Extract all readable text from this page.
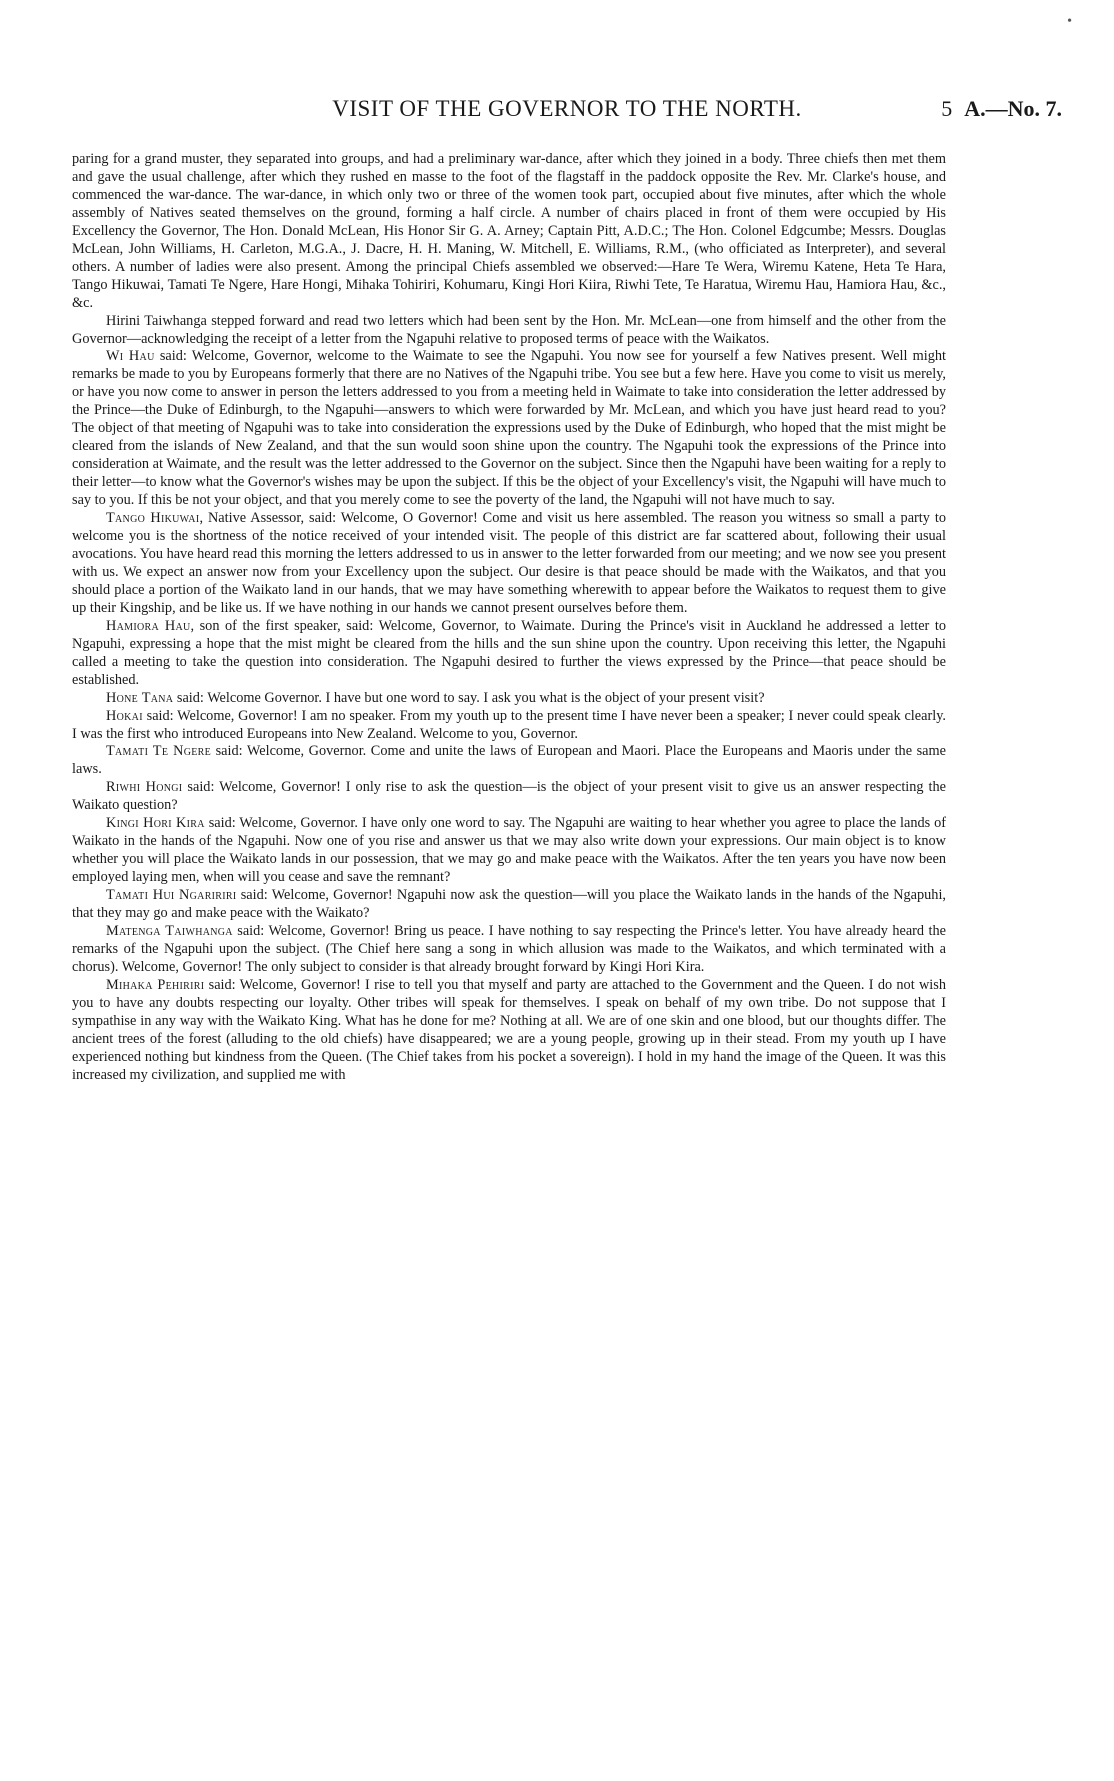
•
VISIT OF THE GOVERNOR TO THE NORTH.	5 A.—No. 7.

paring for a grand muster, they separated into groups, and had a preliminary war-dance, after which they joined in a body. Three chiefs then met them and gave the usual challenge, after which they rushed en masse to the foot of the flagstaff in the paddock opposite the Rev. Mr. Clarke's house, and commenced the war-dance. The war-dance, in which only two or three of the women took part, occupied about five minutes, after which the whole assembly of Natives seated themselves on the ground, forming a half circle. A number of chairs placed in front of them were occupied by His Excellency the Governor, The Hon. Donald McLean, His Honor Sir G. A. Arney; Captain Pitt, A.D.C.; The Hon. Colonel Edgcumbe; Messrs. Douglas McLean, John Williams, H. Carleton, M.G.A., J. Dacre, H. H. Maning, W. Mitchell, E. Williams, R.M., (who officiated as Interpreter), and several others. A number of ladies were also present. Among the principal Chiefs assembled we observed:—Hare Te Wera, Wiremu Katene, Heta Te Hara, Tango Hikuwai, Tamati Te Ngere, Hare Hongi, Mihaka Tohiriri, Kohumaru, Kingi Hori Kiira, Riwhi Tete, Te Haratua, Wiremu Hau, Hamiora Hau, &c., &c.

Hirini Taiwhanga stepped forward and read two letters which had been sent by the Hon. Mr. McLean—one from himself and the other from the Governor—acknowledging the receipt of a letter from the Ngapuhi relative to proposed terms of peace with the Waikatos.

Wi Hau said: Welcome, Governor, welcome to the Waimate to see the Ngapuhi. You now see for yourself a few Natives present. Well might remarks be made to you by Europeans formerly that there are no Natives of the Ngapuhi tribe. You see but a few here. Have you come to visit us merely, or have you now come to answer in person the letters addressed to you from a meeting held in Waimate to take into consideration the letter addressed by the Prince—the Duke of Edinburgh, to the Ngapuhi—answers to which were forwarded by Mr. McLean, and which you have just heard read to you? The object of that meeting of Ngapuhi was to take into consideration the expressions used by the Duke of Edinburgh, who hoped that the mist might be cleared from the islands of New Zealand, and that the sun would soon shine upon the country. The Ngapuhi took the expressions of the Prince into consideration at Waimate, and the result was the letter addressed to the Governor on the subject. Since then the Ngapuhi have been waiting for a reply to their letter—to know what the Governor's wishes may be upon the subject. If this be the object of your Excellency's visit, the Ngapuhi will have much to say to you. If this be not your object, and that you merely come to see the poverty of the land, the Ngapuhi will not have much to say.

Tango Hikuwai, Native Assessor, said: Welcome, O Governor! Come and visit us here assembled. The reason you witness so small a party to welcome you is the shortness of the notice received of your intended visit. The people of this district are far scattered about, following their usual avocations. You have heard read this morning the letters addressed to us in answer to the letter forwarded from our meeting; and we now see you present with us. We expect an answer now from your Excellency upon the subject. Our desire is that peace should be made with the Waikatos, and that you should place a portion of the Waikato land in our hands, that we may have something wherewith to appear before the Waikatos to request them to give up their Kingship, and be like us. If we have nothing in our hands we cannot present ourselves before them.

Hamiora Hau, son of the first speaker, said: Welcome, Governor, to Waimate. During the Prince's visit in Auckland he addressed a letter to Ngapuhi, expressing a hope that the mist might be cleared from the hills and the sun shine upon the country. Upon receiving this letter, the Ngapuhi called a meeting to take the question into consideration. The Ngapuhi desired to further the views expressed by the Prince—that peace should be established.

Hone Tana said: Welcome Governor. I have but one word to say. I ask you what is the object of your present visit?

Hokai said: Welcome, Governor! I am no speaker. From my youth up to the present time I have never been a speaker; I never could speak clearly. I was the first who introduced Europeans into New Zealand. Welcome to you, Governor.

Tamati Te Ngere said: Welcome, Governor. Come and unite the laws of European and Maori. Place the Europeans and Maoris under the same laws.

Riwhi Hongi said: Welcome, Governor! I only rise to ask the question—is the object of your present visit to give us an answer respecting the Waikato question?

Kingi Hori Kira said: Welcome, Governor. I have only one word to say. The Ngapuhi are waiting to hear whether you agree to place the lands of Waikato in the hands of the Ngapuhi. Now one of you rise and answer us that we may also write down your expressions. Our main object is to know whether you will place the Waikato lands in our possession, that we may go and make peace with the Waikatos. After the ten years you have now been employed laying men, when will you cease and save the remnant?

Tamati Hui Ngaririri said: Welcome, Governor! Ngapuhi now ask the question—will you place the Waikato lands in the hands of the Ngapuhi, that they may go and make peace with the Waikato?

Matenga Taiwhanga said: Welcome, Governor! Bring us peace. I have nothing to say respecting the Prince's letter. You have already heard the remarks of the Ngapuhi upon the subject. (The Chief here sang a song in which allusion was made to the Waikatos, and which terminated with a chorus). Welcome, Governor! The only subject to consider is that already brought forward by Kingi Hori Kira.

Mihaka Pehiriri said: Welcome, Governor! I rise to tell you that myself and party are attached to the Government and the Queen. I do not wish you to have any doubts respecting our loyalty. Other tribes will speak for themselves. I speak on behalf of my own tribe. Do not suppose that I sympathise in any way with the Waikato King. What has he done for me? Nothing at all. We are of one skin and one blood, but our thoughts differ. The ancient trees of the forest (alluding to the old chiefs) have disappeared; we are a young people, growing up in their stead. From my youth up I have experienced nothing but kindness from the Queen. (The Chief takes from his pocket a sovereign). I hold in my hand the image of the Queen. It was this increased my civilization, and supplied me with
